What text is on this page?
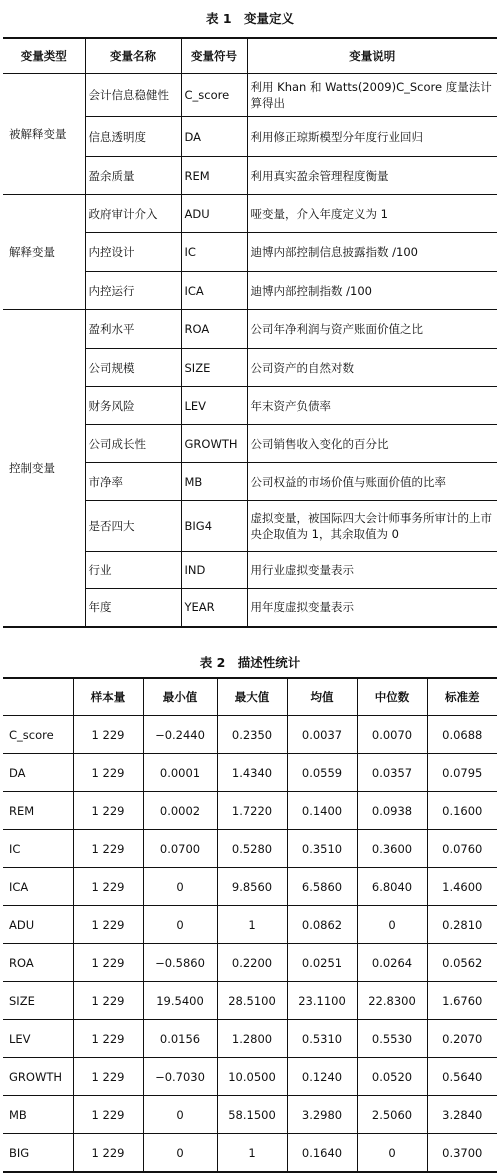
表 1　变量定义
变量类型	变量名称	变量符号	变量说明
被解释变量	会计信息稳健性	C_score	利用 Khan 和 Watts(2009)C_Score 度量法计算得出
	信息透明度	DA	利用修正琼斯模型分年度行业回归
	盈余质量	REM	利用真实盈余管理程度衡量
解释变量	政府审计介入	ADU	哑变量，介入年度定义为 1
	内控设计	IC	迪博内部控制信息披露指数 /100
	内控运行	ICA	迪博内部控制指数 /100
控制变量	盈利水平	ROA	公司年净利润与资产账面价值之比
	公司规模	SIZE	公司资产的自然对数
	财务风险	LEV	年末资产负债率
	公司成长性	GROWTH	公司销售收入变化的百分比
	市净率	MB	公司权益的市场价值与账面价值的比率
	是否四大	BIG4	虚拟变量，被国际四大会计师事务所审计的上市央企取值为 1，其余取值为 0
	行业	IND	用行业虚拟变量表示
	年度	YEAR	用年度虚拟变量表示
表 2　描述性统计
	样本量	最小值	最大值	均值	中位数	标准差
C_score	1 229	−0.2440	0.2350	0.0037	0.0070	0.0688
DA	1 229	0.0001	1.4340	0.0559	0.0357	0.0795
REM	1 229	0.0002	1.7220	0.1400	0.0938	0.1600
IC	1 229	0.0700	0.5280	0.3510	0.3600	0.0760
ICA	1 229	0	9.8560	6.5860	6.8040	1.4600
ADU	1 229	0	1	0.0862	0	0.2810
ROA	1 229	−0.5860	0.2200	0.0251	0.0264	0.0562
SIZE	1 229	19.5400	28.5100	23.1100	22.8300	1.6760
LEV	1 229	0.0156	1.2800	0.5310	0.5530	0.2070
GROWTH	1 229	−0.7030	10.0500	0.1240	0.0520	0.5640
MB	1 229	0	58.1500	3.2980	2.5060	3.2840
BIG	1 229	0	1	0.1640	0	0.3700
